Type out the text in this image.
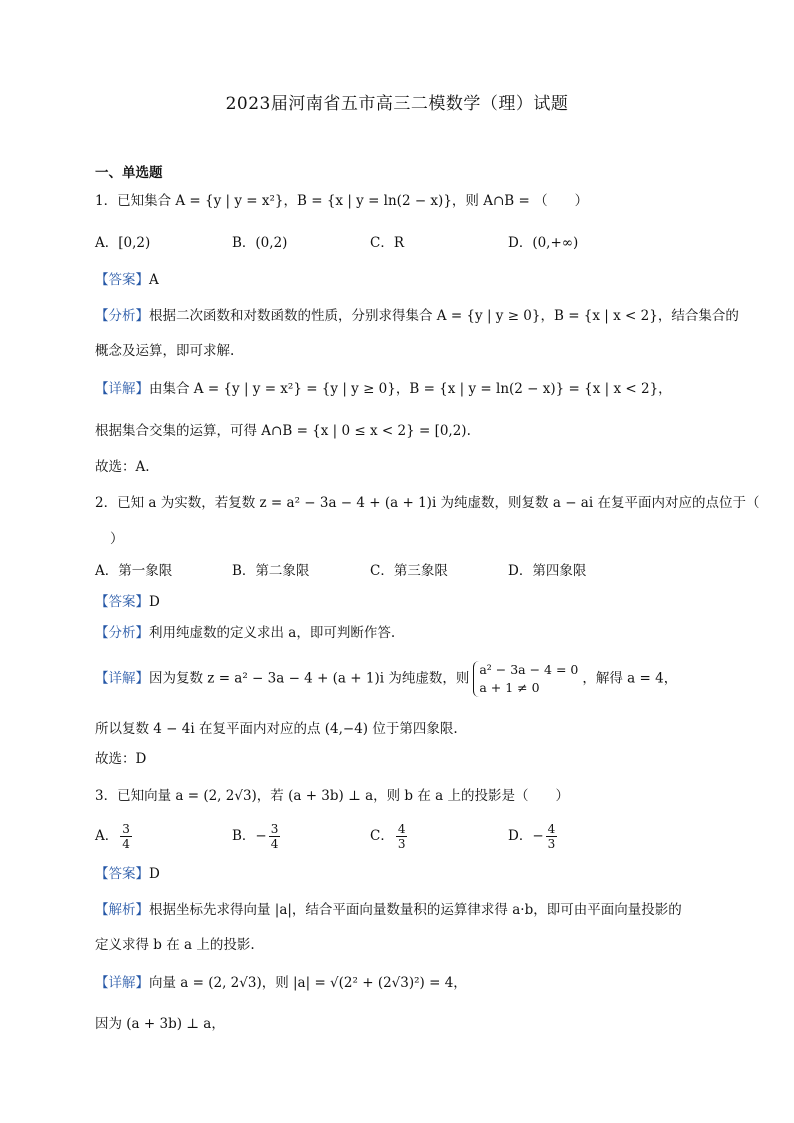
2023届河南省五市高三二模数学（理）试题
一、单选题
1．已知集合 A = {y | y = x²}，B = {x | y = ln(2 − x)}，则 A∩B = （　　）
A．[0,2)	B．(0,2)	C．R	D．(0,+∞)
【答案】A
【分析】根据二次函数和对数函数的性质，分别求得集合 A = {y | y ≥ 0}，B = {x | x < 2}，结合集合的
概念及运算，即可求解.
【详解】由集合 A = {y | y = x²} = {y | y ≥ 0}，B = {x | y = ln(2 − x)} = {x | x < 2}，
根据集合交集的运算，可得 A∩B = {x | 0 ≤ x < 2} = [0,2).
故选：A.
2．已知 a 为实数，若复数 z = a² − 3a − 4 + (a + 1)i 为纯虚数，则复数 a − ai 在复平面内对应的点位于（
）
A．第一象限	B．第二象限	C．第三象限	D．第四象限
【答案】D
【分析】利用纯虚数的定义求出 a，即可判断作答.
【详解】因为复数 z = a² − 3a − 4 + (a + 1)i 为纯虚数，则
a² − 3a − 4 = 0
a + 1 ≠ 0
，解得 a = 4，
所以复数 4 − 4i 在复平面内对应的点 (4,−4) 位于第四象限.
故选：D
3．已知向量 a = (2, 2√3)，若 (a + 3b) ⊥ a，则 b 在 a 上的投影是（　　）
A． $\frac{3}{4}$	B．− $\frac{3}{4}$	C． $\frac{4}{3}$	D．− $\frac{4}{3}$
【答案】D
【解析】根据坐标先求得向量 |a|，结合平面向量数量积的运算律求得 a·b，即可由平面向量投影的
定义求得 b 在 a 上的投影.
【详解】向量 a = (2, 2√3)，则 |a| = √(2² + (2√3)²) = 4，
因为 (a + 3b) ⊥ a，
